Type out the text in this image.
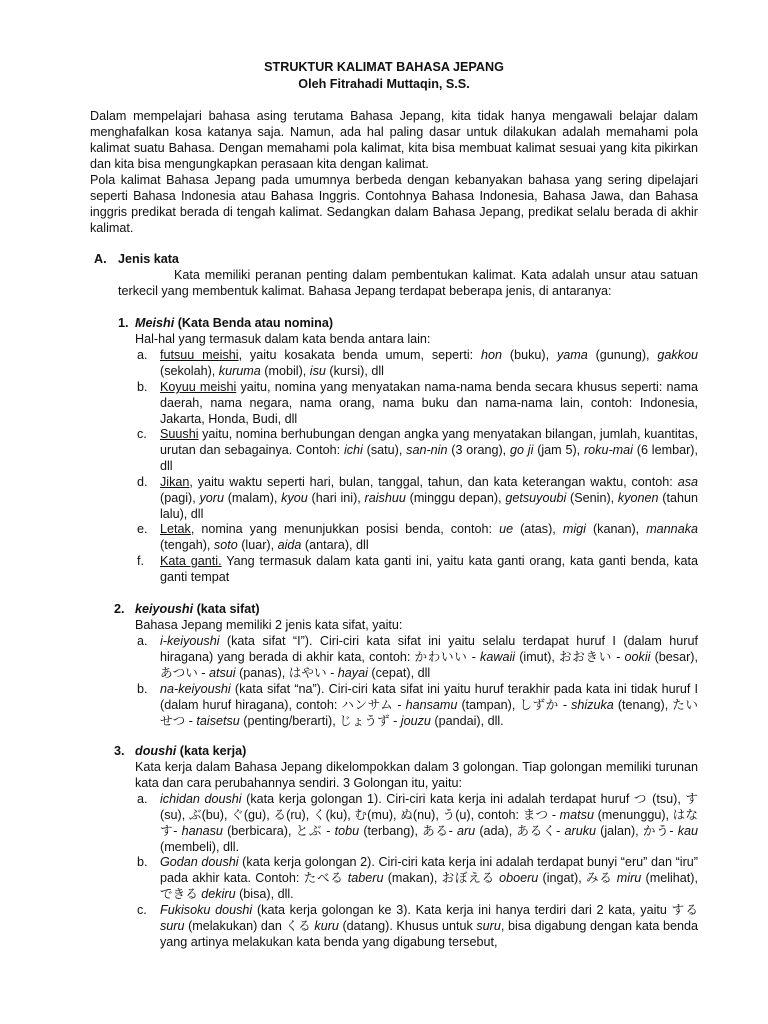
STRUKTUR KALIMAT BAHASA JEPANG
Oleh Fitrahadi Muttaqin, S.S.
Dalam mempelajari bahasa asing terutama Bahasa Jepang, kita tidak hanya mengawali belajar dalam menghafalkan kosa katanya saja. Namun, ada hal paling dasar untuk dilakukan adalah memahami pola kalimat suatu Bahasa. Dengan memahami pola kalimat, kita bisa membuat kalimat sesuai yang kita pikirkan dan kita bisa mengungkapkan perasaan kita dengan kalimat.
Pola kalimat Bahasa Jepang pada umumnya berbeda dengan kebanyakan bahasa yang sering dipelajari seperti Bahasa Indonesia atau Bahasa Inggris. Contohnya Bahasa Indonesia, Bahasa Jawa, dan Bahasa inggris predikat berada di tengah kalimat. Sedangkan dalam Bahasa Jepang, predikat selalu berada di akhir kalimat.
A. Jenis kata
Kata memiliki peranan penting dalam pembentukan kalimat. Kata adalah unsur atau satuan terkecil yang membentuk kalimat. Bahasa Jepang terdapat beberapa jenis, di antaranya:
1. Meishi (Kata Benda atau nomina)
Hal-hal yang termasuk dalam kata benda antara lain:
a. futsuu meishi, yaitu kosakata benda umum, seperti: hon (buku), yama (gunung), gakkou (sekolah), kuruma (mobil), isu (kursi), dll
b. Koyuu meishi yaitu, nomina yang menyatakan nama-nama benda secara khusus seperti: nama daerah, nama negara, nama orang, nama buku dan nama-nama lain, contoh: Indonesia, Jakarta, Honda, Budi, dll
c. Suushi yaitu, nomina berhubungan dengan angka yang menyatakan bilangan, jumlah, kuantitas, urutan dan sebagainya. Contoh: ichi (satu), san-nin (3 orang), go ji (jam 5), roku-mai (6 lembar), dll
d. Jikan, yaitu waktu seperti hari, bulan, tanggal, tahun, dan kata keterangan waktu, contoh: asa (pagi), yoru (malam), kyou (hari ini), raishuu (minggu depan), getsuyoubi (Senin), kyonen (tahun lalu), dll
e. Letak, nomina yang menunjukkan posisi benda, contoh: ue (atas), migi (kanan), mannaka (tengah), soto (luar), aida (antara), dll
f. Kata ganti. Yang termasuk dalam kata ganti ini, yaitu kata ganti orang, kata ganti benda, kata ganti tempat
2. keiyoushi (kata sifat)
Bahasa Jepang memiliki 2 jenis kata sifat, yaitu:
a. i-keiyoushi (kata sifat “I”). Ciri-ciri kata sifat ini yaitu selalu terdapat huruf I (dalam huruf hiragana) yang berada di akhir kata, contoh: かわいい - kawaii (imut), おおきい - ookii (besar), あつい - atsui (panas), はやい - hayai (cepat), dll
b. na-keiyoushi (kata sifat “na”). Ciri-ciri kata sifat ini yaitu huruf terakhir pada kata ini tidak huruf I (dalam huruf hiragana), contoh: ハンサム - hansamu (tampan), しずか - shizuka (tenang), たいせつ - taisetsu (penting/berarti), じょうず - jouzu (pandai), dll.
3. doushi (kata kerja)
Kata kerja dalam Bahasa Jepang dikelompokkan dalam 3 golongan. Tiap golongan memiliki turunan kata dan cara perubahannya sendiri. 3 Golongan itu, yaitu:
a. ichidan doushi (kata kerja golongan 1). Ciri-ciri kata kerja ini adalah terdapat huruf つ (tsu), す(su), ぶ(bu), ぐ(gu), る(ru), く(ku), む(mu), ぬ(nu), う(u), contoh: まつ - matsu (menunggu), はなす- hanasu (berbicara), とぶ - tobu (terbang), ある- aru (ada), あるく- aruku (jalan), かう- kau (membeli), dll.
b. Godan doushi (kata kerja golongan 2). Ciri-ciri kata kerja ini adalah terdapat bunyi “eru” dan “iru” pada akhir kata. Contoh: たべる taberu (makan), おぼえる oboeru (ingat), みる miru (melihat), できる dekiru (bisa), dll.
c. Fukisoku doushi (kata kerja golongan ke 3). Kata kerja ini hanya terdiri dari 2 kata, yaitu する suru (melakukan) dan くる kuru (datang). Khusus untuk suru, bisa digabung dengan kata benda yang artinya melakukan kata benda yang digabung tersebut,
